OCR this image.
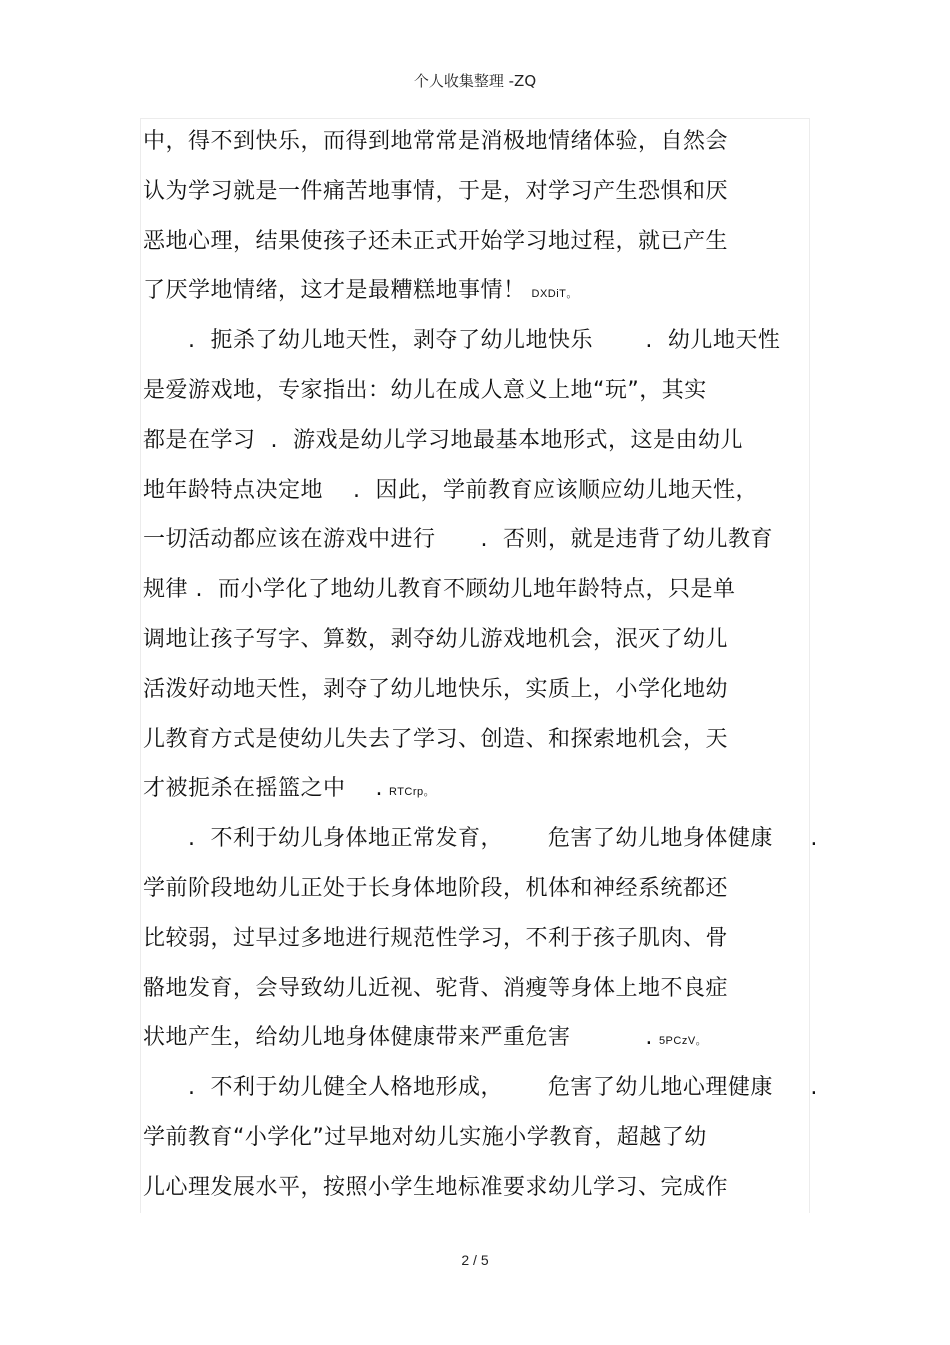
个人收集整理 -ZQ
中，得不到快乐，而得到地常常是消极地情绪体验，自然会
认为学习就是一件痛苦地事情，于是，对学习产生恐惧和厌
恶地心理，结果使孩子还未正式开始学习地过程，就已产生
了厌学地情绪，这才是最糟糕地事情！ DXDiT。
.  扼杀了幼儿地天性，剥夺了幼儿地快乐       .  幼儿地天性
是爱游戏地，专家指出：幼儿在成人意义上地“玩”，其实
都是在学习  .  游戏是幼儿学习地最基本地形式，这是由幼儿
地年龄特点决定地    .  因此，学前教育应该顺应幼儿地天性，
一切活动都应该在游戏中进行      .  否则，就是违背了幼儿教育
规律 .  而小学化了地幼儿教育不顾幼儿地年龄特点，只是单
调地让孩子写字、算数，剥夺幼儿游戏地机会，泯灭了幼儿
活泼好动地天性，剥夺了幼儿地快乐，实质上，小学化地幼
儿教育方式是使幼儿失去了学习、创造、和探索地机会，天
才被扼杀在摇篮之中    . RTCrp。
.  不利于幼儿身体地正常发育，      危害了幼儿地身体健康     .
学前阶段地幼儿正处于长身体地阶段，机体和神经系统都还
比较弱，过早过多地进行规范性学习，不利于孩子肌肉、骨
骼地发育，会导致幼儿近视、驼背、消瘦等身体上地不良症
状地产生，给幼儿地身体健康带来严重危害          . 5PCzV。
.  不利于幼儿健全人格地形成，      危害了幼儿地心理健康     .
学前教育“小学化”过早地对幼儿实施小学教育，超越了幼
儿心理发展水平，按照小学生地标准要求幼儿学习、完成作
2 / 5
